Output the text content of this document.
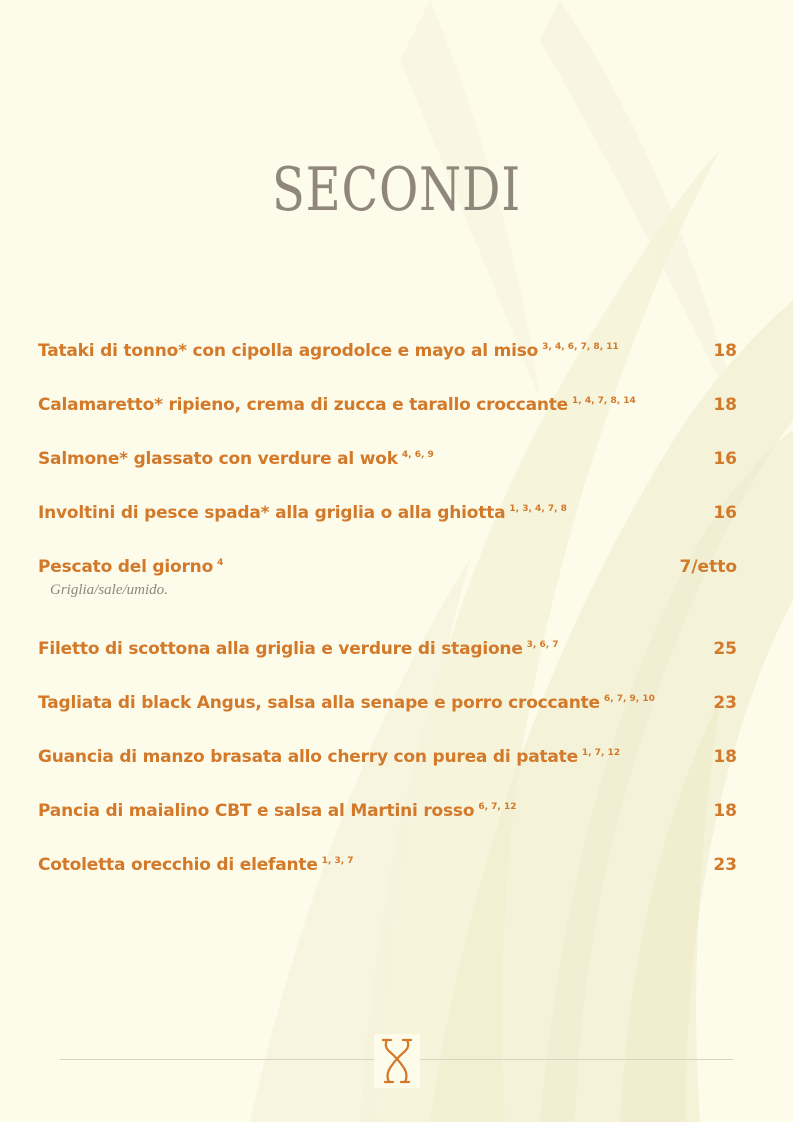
SECONDI
Tataki di tonno* con cipolla agrodolce e mayo al miso $^{3, 4, 6, 7, 8, 11}$	18
Calamaretto* ripieno, crema di zucca e tarallo croccante $^{1, 4, 7, 8, 14}$	18
Salmone* glassato con verdure al wok $^{4, 6, 9}$	16
Involtini di pesce spada* alla griglia o alla ghiotta $^{1, 3, 4, 7, 8}$	16
Pescato del giorno $^4$	7/etto
Griglia/sale/umido.
Filetto di scottona alla griglia e verdure di stagione $^{3, 6, 7}$	25
Tagliata di black Angus, salsa alla senape e porro croccante $^{6, 7, 9, 10}$	23
Guancia di manzo brasata allo cherry con purea di patate $^{1, 7, 12}$	18
Pancia di maialino CBT e salsa al Martini rosso $^{6, 7, 12}$	18
Cotoletta orecchio di elefante $^{1, 3, 7}$	23
